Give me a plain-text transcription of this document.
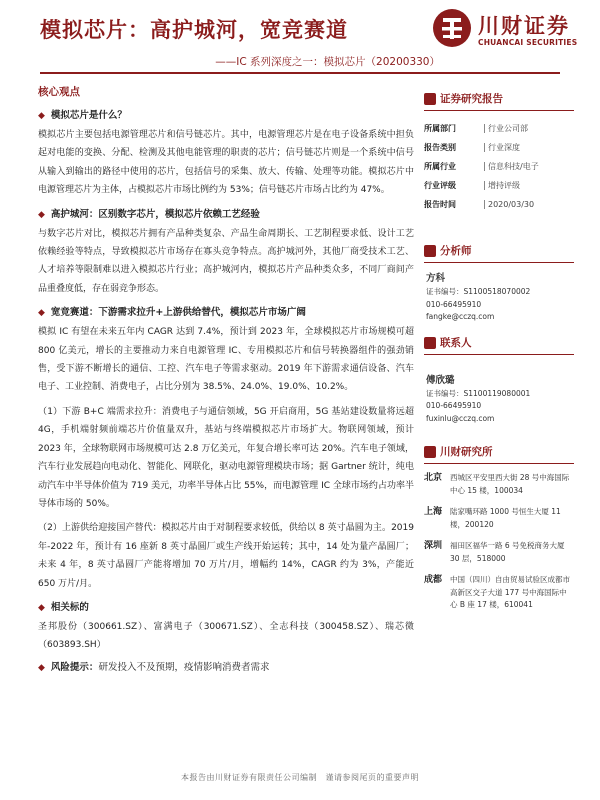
模拟芯片：高护城河，宽竞赛道
——IC 系列深度之一：模拟芯片（20200330）
川财证券
CHUANCAI SECURITIES
核心观点
◆ 模拟芯片是什么？
模拟芯片主要包括电源管理芯片和信号链芯片。其中，电源管理芯片是在电子设备系统中担负起对电能的变换、分配、检测及其他电能管理的职责的芯片；信号链芯片则是一个系统中信号从输入到输出的路径中使用的芯片，包括信号的采集、放大、传输、处理等功能。模拟芯片中电源管理芯片为主体，占模拟芯片市场比例约为 53%；信号链芯片市场占比约为 47%。
◆ 高护城河：区别数字芯片，模拟芯片依赖工艺经验
与数字芯片对比，模拟芯片拥有产品种类复杂、产品生命周期长、工艺制程要求低、设计工艺依赖经验等特点，导致模拟芯片市场存在寡头竞争特点。高护城河外，其他厂商受技术工艺、人才培养等限制难以进入模拟芯片行业；高护城河内，模拟芯片产品种类众多，不同厂商间产品重叠度低，存在弱竞争形态。
◆ 宽竞赛道：下游需求拉升+上游供给替代，模拟芯片市场广阔
模拟 IC 有望在未来五年内 CAGR 达到 7.4%，预计到 2023 年，全球模拟芯片市场规模可超 800 亿美元，增长的主要推动力来自电源管理 IC、专用模拟芯片和信号转换器组件的强劲销售，受下游不断增长的通信、工控、汽车电子等需求驱动。2019 年下游需求通信设备、汽车电子、工业控制、消费电子，占比分别为 38.5%、24.0%、19.0%、10.2%。
（1）下游 B+C 端需求拉升：消费电子与通信领域，5G 开启商用，5G 基站建设数量将远超 4G，手机端射频前端芯片价值量双升，基站与终端模拟芯片市场扩大。物联网领域，预计 2023 年，全球物联网市场规模可达 2.8 万亿美元，年复合增长率可达 20%。汽车电子领域，汽车行业发展趋向电动化、智能化、网联化，驱动电源管理模块市场；据 Gartner 统计，纯电动汽车中半导体价值为 719 美元，功率半导体占比 55%，而电源管理 IC 全球市场约占功率半导体市场的 50%。
（2）上游供给迎接国产替代：模拟芯片由于对制程要求较低，供给以 8 英寸晶圆为主。2019 年-2022 年，预计有 16 座新 8 英寸晶圆厂或生产线开始运转；其中，14 处为量产晶圆厂；未来 4 年，8 英寸晶圆厂产能将增加 70 万片/月，增幅约 14%，CAGR 约为 3%，产能近 650 万片/月。
◆ 相关标的
圣邦股份（300661.SZ）、富满电子（300671.SZ）、全志科技（300458.SZ）、瑞芯微（603893.SH）
◆ 风险提示：研发投入不及预期，疫情影响消费者需求
证券研究报告
所属部门	行业公司部
报告类别	行业深度
所属行业	信息科技/电子
行业评级	增持评级
报告时间	2020/03/30
分析师
方科
证书编号：S1100518070002
010-66495910
fangke@cczq.com
联系人
傅欣璐
证书编号：S1100119080001
010-66495910
fuxinlu@cczq.com
川财研究所
北京	西城区平安里西大街 28 号中海国际中心 15 楼，100034
上海	陆家嘴环路 1000 号恒生大厦 11 楼，200120
深圳	福田区福华一路 6 号免税商务大厦 30 层，518000
成都	中国（四川）自由贸易试验区成都市高新区交子大道 177 号中海国际中心 B 座 17 楼，610041
本报告由川财证券有限责任公司编制　谨请参阅尾页的重要声明
